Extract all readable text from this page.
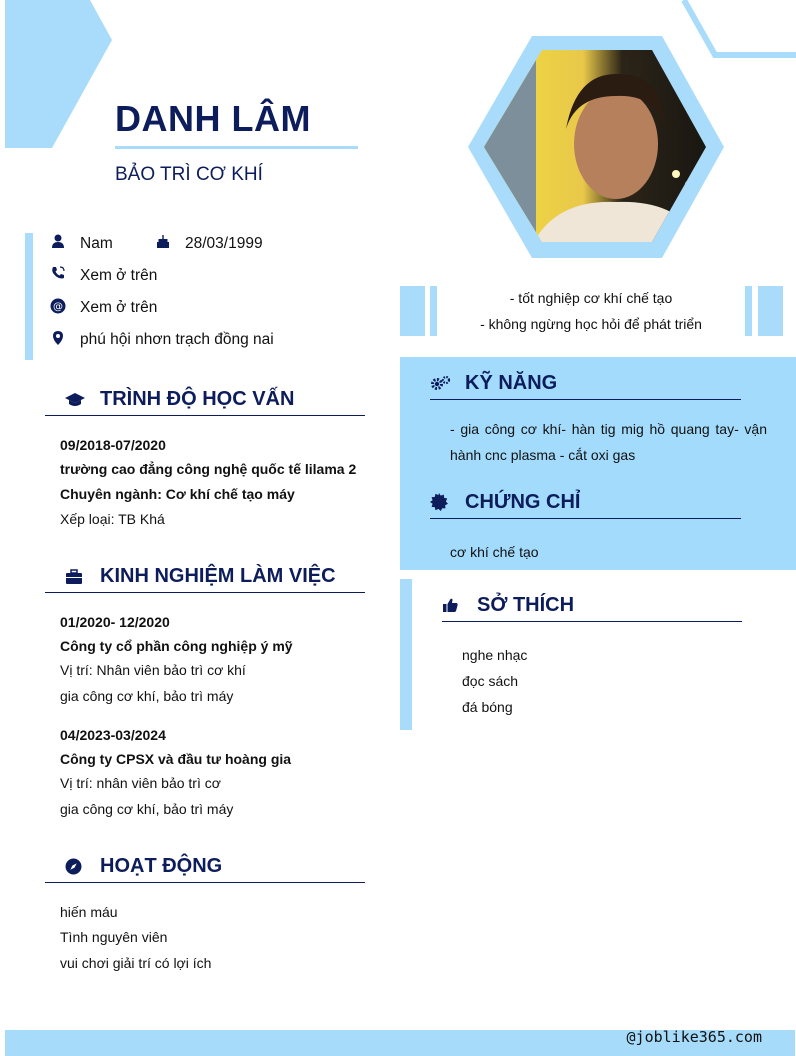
DANH LÂM
BẢO TRÌ CƠ KHÍ
Nam	28/03/1999
Xem ở trên
@ Xem ở trên
phú hội nhơn trạch đồng nai
TRÌNH ĐỘ HỌC VẤN
09/2018-07/2020
trường cao đẳng công nghệ quốc tế lilama 2
Chuyên ngành: Cơ khí chế tạo máy
Xếp loại: TB Khá
KINH NGHIỆM LÀM VIỆC
01/2020- 12/2020
Công ty cổ phần công nghiệp ý mỹ
Vị trí: Nhân viên bảo trì cơ khí
gia công cơ khí, bảo trì máy
04/2023-03/2024
Công ty CPSX và đầu tư hoàng gia
Vị trí: nhân viên bảo trì cơ
gia công cơ khí, bảo trì máy
HOẠT ĐỘNG
hiến máu
Tình nguyên viên
vui chơi giải trí có lợi ích
- tốt nghiệp cơ khí chế tạo
- không ngừng học hỏi để phát triển
KỸ NĂNG
- gia công cơ khí- hàn tig mig hồ quang tay- vận hành cnc plasma - cắt oxi gas
CHỨNG CHỈ
cơ khí chế tạo
SỞ THÍCH
nghe nhạc
đọc sách
đá bóng
@joblike365.com
